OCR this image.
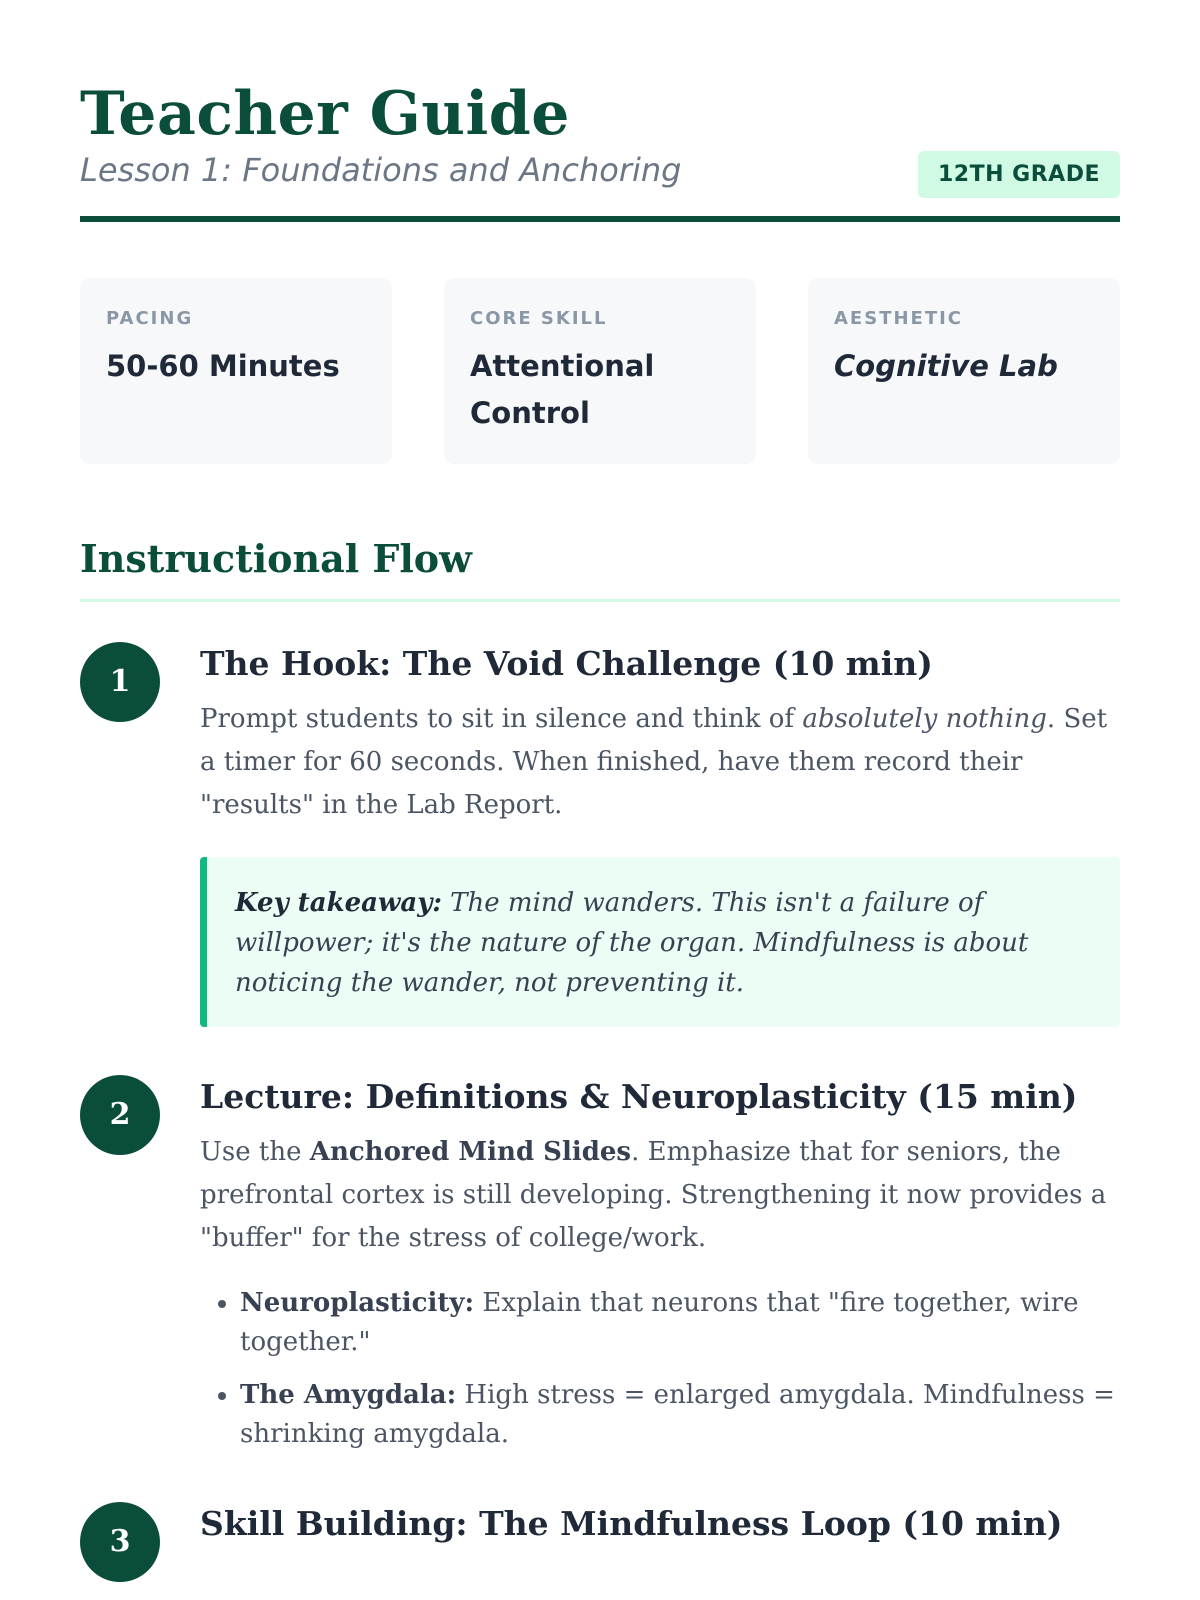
Teacher Guide
Lesson 1: Foundations and Anchoring	12TH GRADE
PACING
50-60 Minutes
CORE SKILL
Attentional Control
AESTHETIC
Cognitive Lab
Instructional Flow
1	The Hook: The Void Challenge (10 min)
Prompt students to sit in silence and think of absolutely nothing. Set a timer for 60 seconds. When finished, have them record their "results" in the Lab Report.
Key takeaway: The mind wanders. This isn't a failure of willpower; it's the nature of the organ. Mindfulness is about noticing the wander, not preventing it.
2	Lecture: Definitions & Neuroplasticity (15 min)
Use the Anchored Mind Slides. Emphasize that for seniors, the prefrontal cortex is still developing. Strengthening it now provides a "buffer" for the stress of college/work.
• Neuroplasticity: Explain that neurons that "fire together, wire together."
• The Amygdala: High stress = enlarged amygdala. Mindfulness = shrinking amygdala.
3	Skill Building: The Mindfulness Loop (10 min)
